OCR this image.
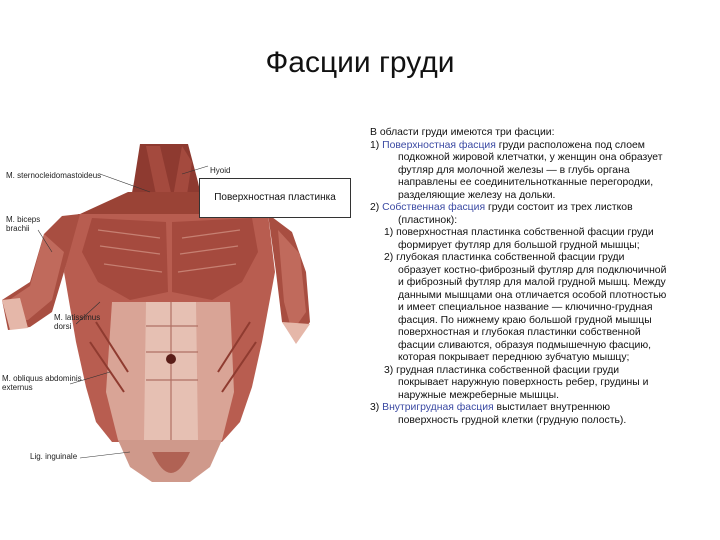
Фасции груди
Hyoid
M. sternocleidomastoideus
M. biceps
brachii
M. latissimus
dorsi
M. obliquus abdominis
externus
Lig. inguinale
Поверхностная пластинка

В области груди имеются три фасции:

1) Поверхностная фасция груди расположена под слоем подкожной жировой клетчатки, у женщин она образует футляр для молочной железы — в глубь органа направлены ее соединительнотканные перегородки, разделяющие железу на дольки.

2) Собственная фасция груди состоит из трех листков (пластинок):

1) поверхностная пластинка собственной фасции груди формирует футляр для большой грудной мышцы;

2) глубокая пластинка собственной фасции груди образует костно-фиброзный футляр для подключичной и фиброзный футляр для малой грудной мышц. Между данными мышцами она отличается особой плотностью и имеет специальное название — ключично-грудная фасция. По нижнему краю большой грудной мышцы поверхностная и глубокая пластинки собственной фасции сливаются, образуя подмышечную фасцию, которая покрывает переднюю зубчатую мышцу;

3) грудная пластинка собственной фасции груди покрывает наружную поверхность ребер, грудины и наружные межреберные мышцы.

3) Внутригрудная фасция выстилает внутреннюю поверхность грудной клетки (грудную полость).
